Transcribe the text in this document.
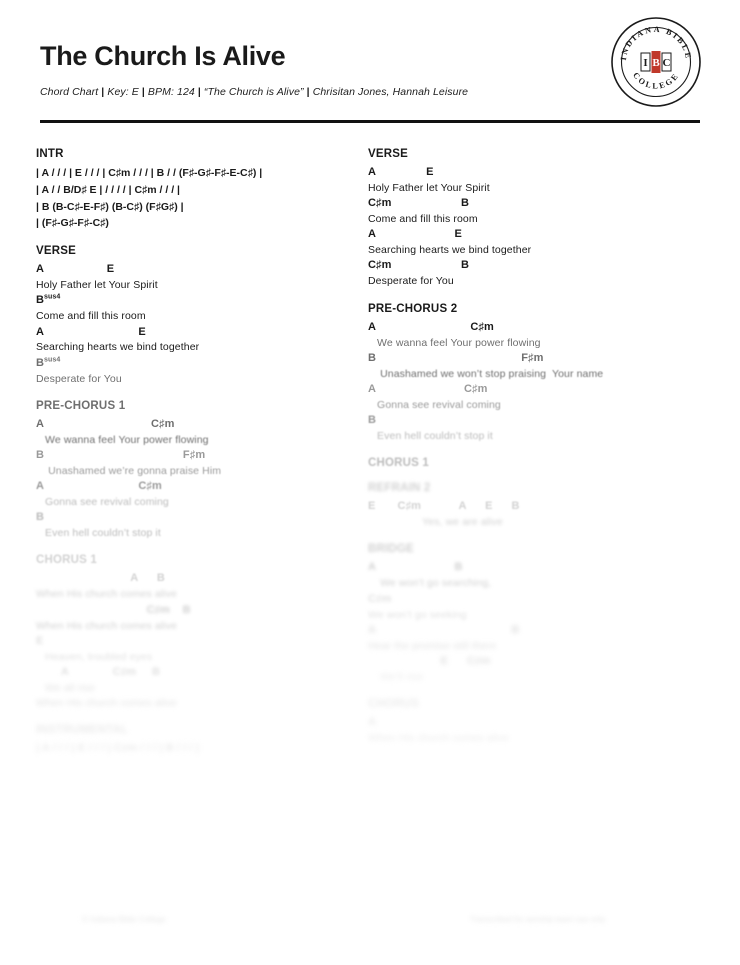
The Church Is Alive
Chord Chart | Key: E | BPM: 124 | “The Church is Alive” | Chrisitan Jones, Hannah Leisure
INDIANA BIBLE
COLLEGE
I B C
INTR
| A / / / | E / / / | C♯m / / / | B / / (F♯-G♯-F♯-E-C♯) |
| A / / B/D♯ E | / / / / | C♯m / / / |
| B (B-C♯-E-F♯) (B-C♯) (F♯G♯) |
| (F♯-G♯-F♯-C♯)
VERSE
A                    E
Holy Father let Your Spirit
$B^{sus4}$
Come and fill this room
A                              E
Searching hearts we bind together
$B^{sus4}$
Desperate for You
PRE-CHORUS 1
A                                  C♯m
We wanna feel Your power flowing
B                                            F♯m
Unashamed we’re gonna praise Him
A                              C♯m
Gonna see revival coming
B
Even hell couldn’t stop it
CHORUS 1
A      B
When His church comes alive
C♯m    B
When His church comes alive
E
Heaven, troubled eyes
A              C♯m     B
We all rise
When His church comes alive
INSTRUMENTAL
| A / / / | E / / / | C♯m / / / | B / / / |
VERSE
A                E
Holy Father let Your Spirit
C♯m                      B
Come and fill this room
A                         E
Searching hearts we bind together
C♯m                      B
Desperate for You
PRE-CHORUS 2
A                              C♯m
We wanna feel Your power flowing
B                                              F♯m
Unashamed we won’t stop praising  Your name
A                            C♯m
Gonna see revival coming
B
Even hell couldn’t stop it
CHORUS 1
REFRAIN 2
E       C♯m            A      E      B
Yes, we are alive
BRIDGE
A                         B
We won’t go searching,
C♯m
We won’t go seeking
A                                           B
Hear the promise still there
E      C♯m
We’ll rise
CHORUS
A
When His church comes alive
© Indiana Bible College	Transcribed for worship team use only
